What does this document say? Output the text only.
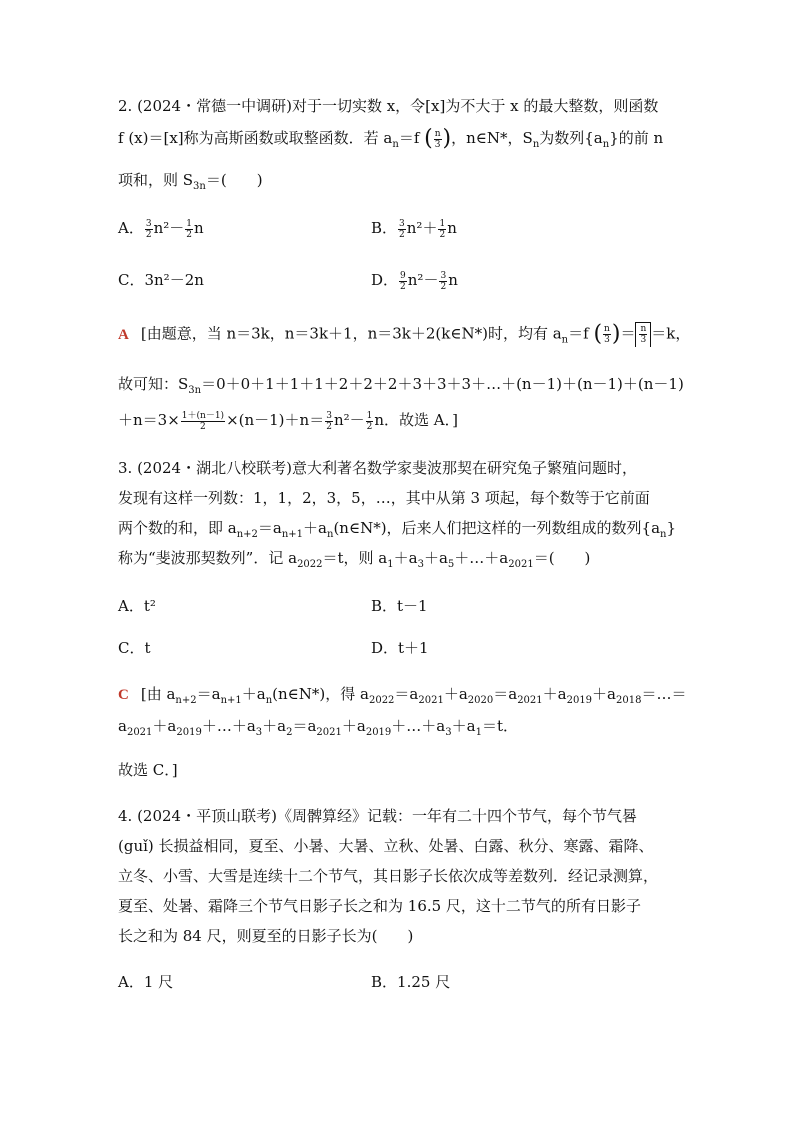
2. (2024・常德一中调研)对于一切实数 x，令[x]为不大于 x 的最大整数，则函数
f (x)＝[x]称为高斯函数或取整函数．若 $a_n=f$ ( $\frac{n}{3}$ )，n∈N*，$S_n$为数列$\{a_n\}$的前 n
项和，则 $S_{3n}=$(　　)
A． $\frac{3}{2} n^2- \frac{1}{2}$ n	B． $\frac{3}{2} n^2+ \frac{1}{2}$ n
C．3n²－2n	D． $\frac{9}{2} n^2- \frac{3}{2}$ n
A [由题意，当 n＝3k，n＝3k＋1，n＝3k＋2(k∈N*)时，均有 $a_n=f$ ( $\frac{n}{3}$ )＝ $\frac{n}{3} =k$，
故可知：$S_{3n}=0+0+1+1+1+2+2+2+3+3+3+\dots+(n-1)+(n-1)+(n-1)$
$+n=3\times \frac{1+(n-1)}{2} \times(n-1)+n= \frac{3}{2} n^2- \frac{1}{2}$ n．故选 A．]
3. (2024・湖北八校联考)意大利著名数学家斐波那契在研究兔子繁殖问题时，
发现有这样一列数：1，1，2，3，5，…，其中从第 3 项起，每个数等于它前面
两个数的和，即 $a_{n+2}=a_{n+1}+a_n(n\in N*)$，后来人们把这样的一列数组成的数列$\{a_n\}$
称为“斐波那契数列”．记 $a_{2022}=t$，则 $a_1+a_3+a_5+\dots+a_{2021}=$(　　)
A．t²	B．t－1
C．t	D．t＋1
C [由 $a_{n+2}=a_{n+1}+a_n(n\in N*)$，得 $a_{2022}=a_{2021}+a_{2020}=a_{2021}+a_{2019}+a_{2018}=\dots=$
$a_{2021}+a_{2019}+\dots+a_3+a_2=a_{2021}+a_{2019}+\dots+a_3+a_1=t$．
故选 C．]
4. (2024・平顶山联考)《周髀算经》记载：一年有二十四个节气，每个节气晷
(guǐ) 长损益相同，夏至、小暑、大暑、立秋、处暑、白露、秋分、寒露、霜降、
立冬、小雪、大雪是连续十二个节气，其日影子长依次成等差数列．经记录测算，
夏至、处暑、霜降三个节气日影子长之和为 16.5 尺，这十二节气的所有日影子
长之和为 84 尺，则夏至的日影子长为(　　)
A．1 尺	B．1.25 尺
